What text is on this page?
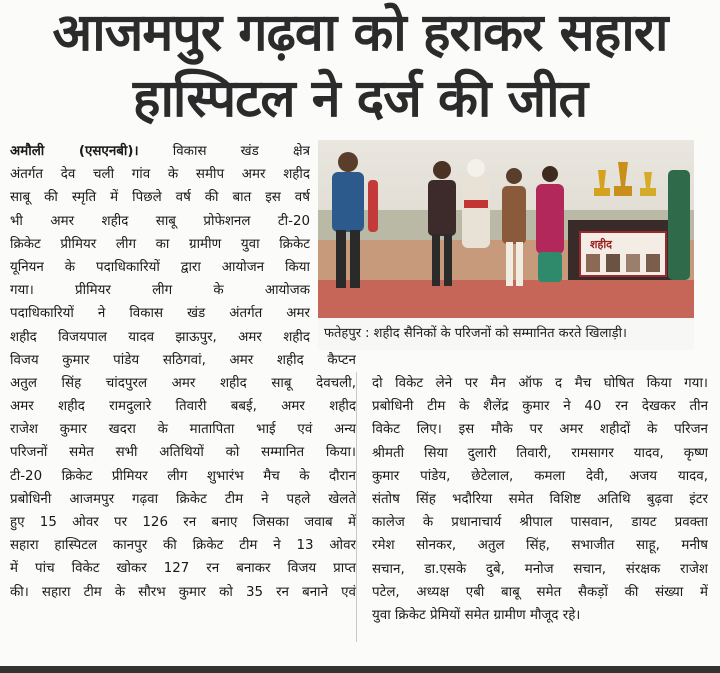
आजमपुर गढ़वा को हराकर सहारा
हास्पिटल ने दर्ज की जीत
अमौली (एसएनबी)। विकास खंड क्षेत्र
अंतर्गत देव चली गांव के समीप अमर शहीद
साबू की स्मृति में पिछले वर्ष की बात इस वर्ष
भी अमर शहीद साबू प्रोफेशनल टी-20
क्रिकेट प्रीमियर लीग का ग्रामीण युवा क्रिकेट
यूनियन के पदाधिकारियों द्वारा आयोजन किया
गया। प्रीमियर लीग के आयोजक
पदाधिकारियों ने विकास खंड अंतर्गत अमर
शहीद विजयपाल यादव झाऊपुर, अमर शहीद
विजय कुमार पांडेय सठिगवां, अमर शहीद कैप्टन
अतुल सिंह चांदपुरल अमर शहीद साबू देवचली,
अमर शहीद रामदुलारे तिवारी बबई, अमर शहीद
राजेश कुमार खदरा के मातापिता भाई एवं अन्य
परिजनों समेत सभी अतिथियों को सम्मानित किया।
टी-20 क्रिकेट प्रीमियर लीग शुभारंभ मैच के दौरान
प्रबोधिनी आजमपुर गढ़वा क्रिकेट टीम ने पहले खेलते
हुए 15 ओवर पर 126 रन बनाए जिसका जवाब में
सहारा हास्पिटल कानपुर की क्रिकेट टीम ने 13 ओवर
में पांच विकेट खोकर 127 रन बनाकर विजय प्राप्त
की। सहारा टीम के सौरभ कुमार को 35 रन बनाने एवं
शहीद
फतेहपुर : शहीद सैनिकों के परिजनों को सम्मानित करते खिलाड़ी।
दो विकेट लेने पर मैन ऑफ द मैच घोषित किया गया।
प्रबोधिनी टीम के शैलेंद्र कुमार ने 40 रन देखकर तीन
विकेट लिए। इस मौके पर अमर शहीदों के परिजन
श्रीमती सिया दुलारी तिवारी, रामसागर यादव, कृष्ण
कुमार पांडेय, छेटेलाल, कमला देवी, अजय यादव,
संतोष सिंह भदौरिया समेत विशिष्ट अतिथि बुढ़वा इंटर
कालेज के प्रधानाचार्य श्रीपाल पासवान, डायट प्रवक्ता
रमेश सोनकर, अतुल सिंह, सभाजीत साहू, मनीष
सचान, डा.एसके दुबे, मनोज सचान, संरक्षक राजेश
पटेल, अध्यक्ष एबी बाबू समेत सैकड़ों की संख्या में
युवा क्रिकेट प्रेमियों समेत ग्रामीण मौजूद रहे।
